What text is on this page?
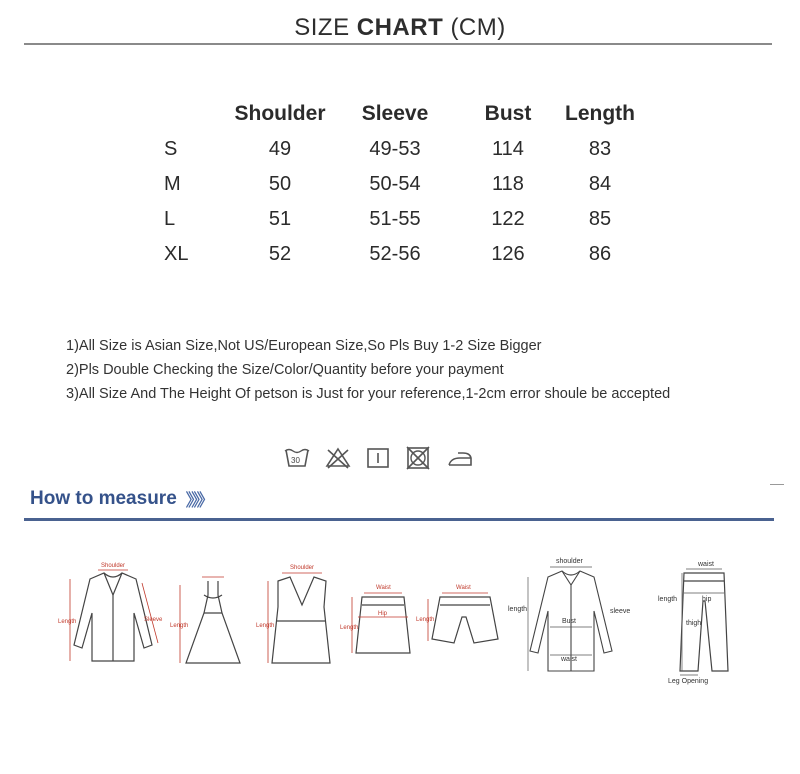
SIZE CHART (CM)
	Shoulder	Sleeve	Bust	Length
S	49	49-53	114	83
M	50	50-54	118	84
L	51	51-55	122	85
XL	52	52-56	126	86
1)All Size is Asian Size,Not US/European Size,So Pls Buy 1-2 Size Bigger
2)Pls Double Checking the Size/Color/Quantity before your payment
3)All Size And The Height Of petson is Just for your reference,1-2cm error shoule be accepted
30
How to measure 》》》
Shoulder
Length	Sleeve
Length
Shoulder
Length
Waist
Hip
Length
Waist
Length
shoulder
length	sleeve
Bust
waist
waist
length	hip
thigh
Leg Opening
